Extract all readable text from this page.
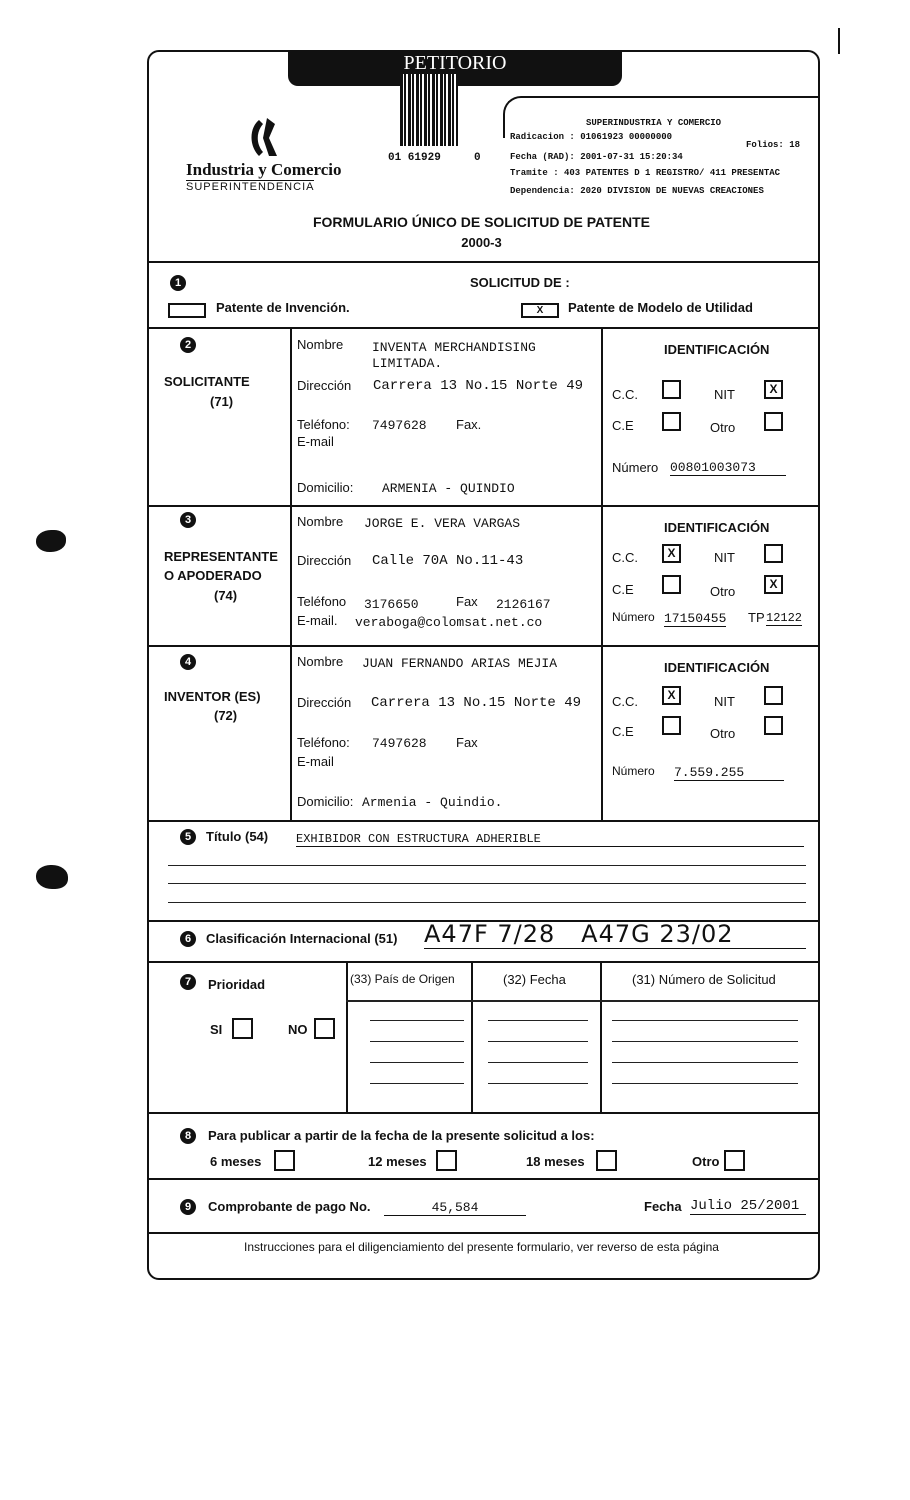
PETITORIO
Industria y Comercio
SUPERINTENDENCIA
01 61929	0
SUPERINDUSTRIA Y COMERCIO
Radicacion : 01061923 00000000
Folios: 18
Fecha (RAD): 2001-07-31 15:20:34
Tramite : 403 PATENTES D 1 REGISTRO/ 411 PRESENTAC
Dependencia: 2020 DIVISION DE NUEVAS CREACIONES
FORMULARIO ÚNICO DE SOLICITUD DE PATENTE
2000-3
1	SOLICITUD DE :
Patente de Invención.	X	Patente de Modelo de Utilidad
2
SOLICITANTE
(71)
Nombre INVENTA MERCHANDISING
LIMITADA.
Dirección Carrera 13 No.15 Norte 49
Teléfono: 7497628 Fax.
E-mail
Domicilio: ARMENIA - QUINDIO
IDENTIFICACIÓN
C.C.	NIT	X
C.E	Otro
Número 00801003073
3
REPRESENTANTE
O APODERADO
(74)
Nombre JORGE E. VERA VARGAS
Dirección Calle 70A No.11-43
Teléfono 3176650	Fax 2126167
E-mail. veraboga@colomsat.net.co
IDENTIFICACIÓN
C.C.	X	NIT
C.E	Otro	X
Número 17150455 TP 12122
4
INVENTOR (ES)
(72)
Nombre JUAN FERNANDO ARIAS MEJIA
Dirección Carrera 13 No.15 Norte 49
Teléfono: 7497628 Fax
E-mail
Domicilio: Armenia - Quindio.
IDENTIFICACIÓN
C.C.	X	NIT
C.E	Otro
Número 7.559.255
5	Título (54) EXHIBIDOR CON ESTRUCTURA ADHERIBLE
6	Clasificación Internacional (51) A47F 7/28   A47G 23/02
7	Prioridad
SI	NO
(33) País de Origen	(32) Fecha	(31) Número de Solicitud
8	Para publicar a partir de la fecha de la presente solicitud a los:
6 meses	12 meses	18 meses	Otro
9	Comprobante de pago No.	45,584	Fecha Julio 25/2001
Instrucciones para el diligenciamiento del presente formulario, ver reverso de esta página
